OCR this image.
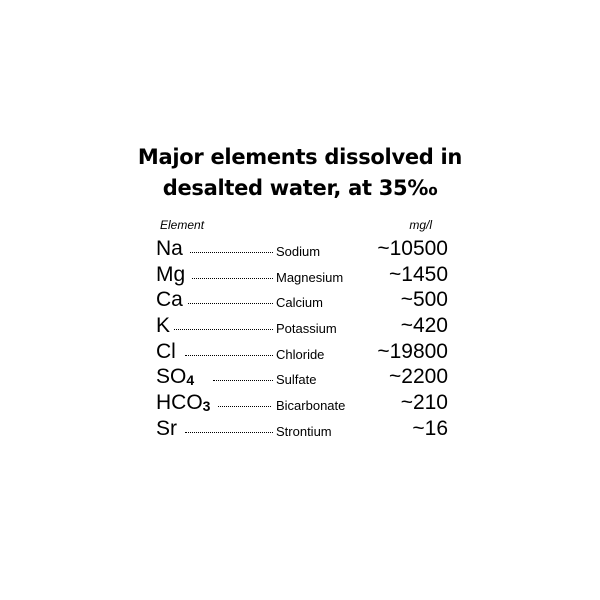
Major elements dissolved in
desalted water, at 35‰
Element	mg/l
Na	Sodium	~10500
Mg	Magnesium ~1450
Ca	Calcium	~500
K	Potassium	~420
Cl	Chloride	~19800
$SO_4$	Sulfate	~2200
$HCO_3$	Bicarbonate	~210
Sr	Strontium	~16
